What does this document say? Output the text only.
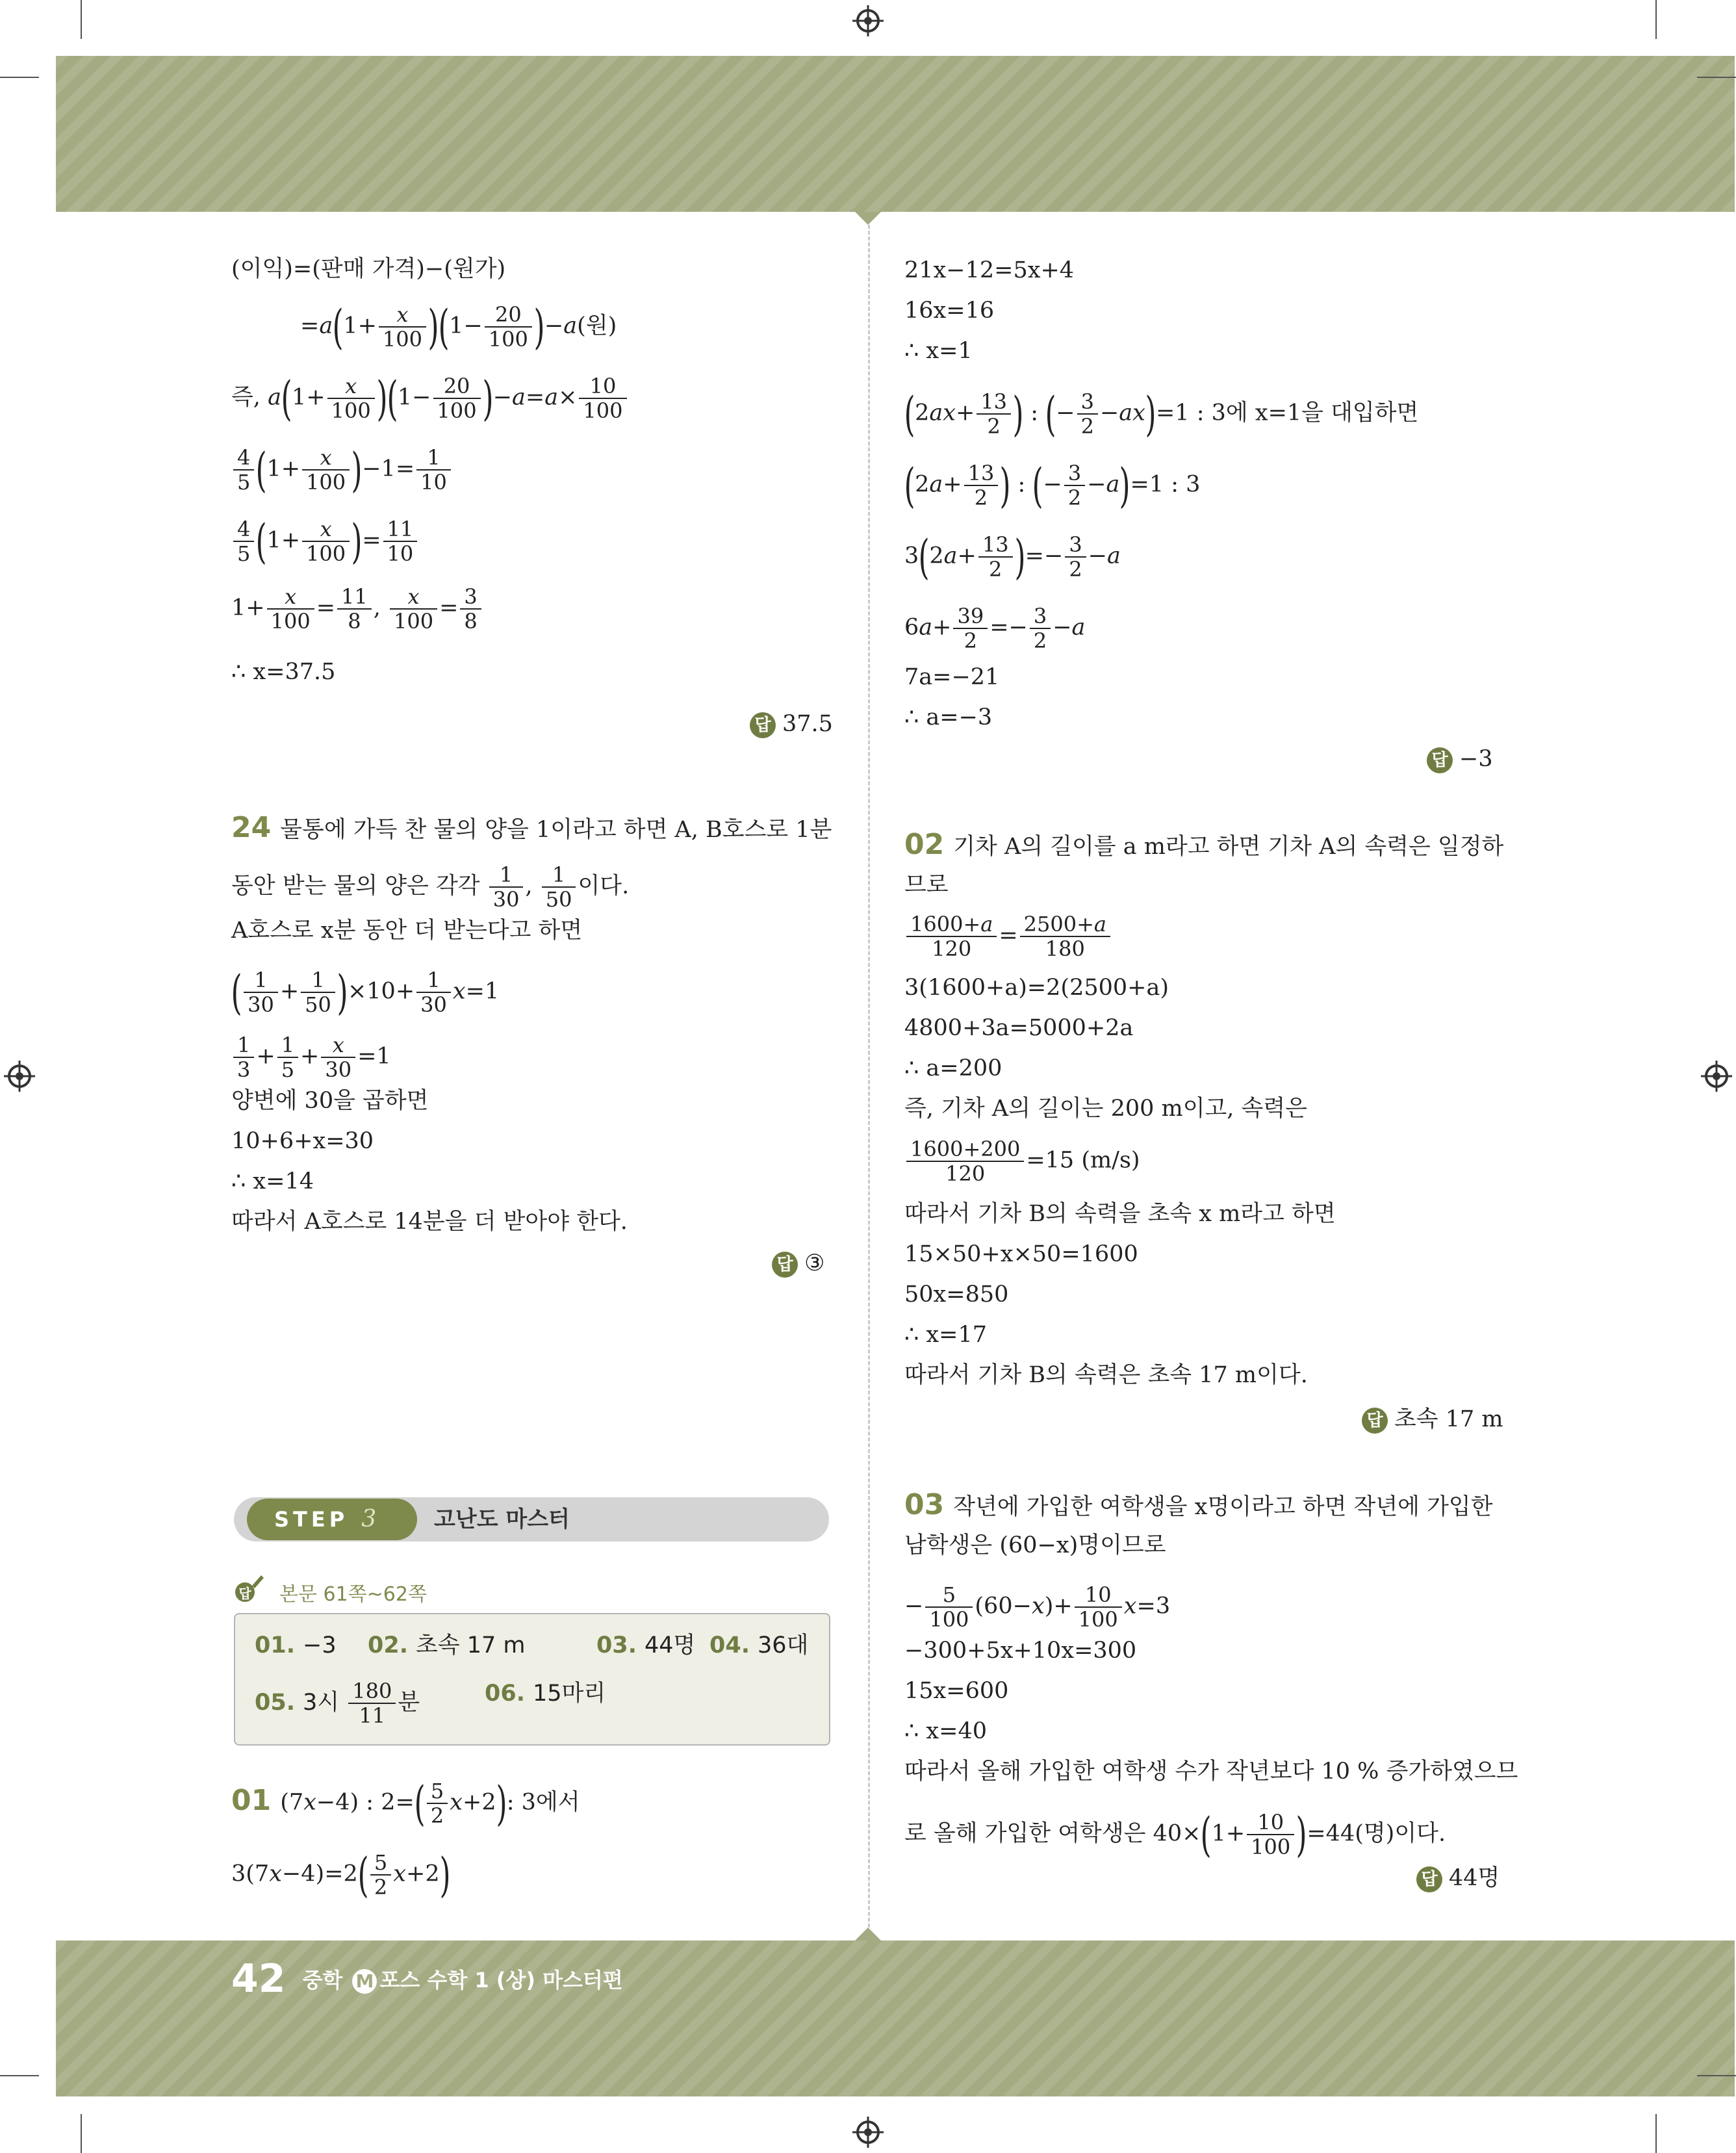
(이익)=(판매 가격)−(원가)
$=a(1+ \frac{x}{100} )(1- \frac{20}{100} )-a$(원)
즉, $a(1+ \frac{x}{100} )(1- \frac{20}{100} )-a=a\times \frac{10}{100}$
$\frac{4}{5} (1+ \frac{x}{100} )-1= \frac{1}{10}$
$\frac{4}{5} (1+ \frac{x}{100}$ )= $\frac{11}{10}$
$1+ \frac{x}{100} = \frac{11}{8}$ , $\frac{x}{100} = \frac{3}{8}$
∴ x=37.5
답 37.5
24 물통에 가득 찬 물의 양을 1이라고 하면 A, B호스로 1분
동안 받는 물의 양은 각각 $\frac{1}{30}$ , $\frac{1}{50}$ 이다.
A호스로 x분 동안 더 받는다고 하면
( $\frac{1}{30} + \frac{1}{50} )\times 10+ \frac{1}{30} x=1$
$\frac{1}{3} + \frac{1}{5} + \frac{x}{30} =1$
양변에 30을 곱하면
10+6+x=30
∴ x=14
따라서 A호스로 14분을 더 받아야 한다.
답 ③
STEP 3	고난도 마스터
답 본문 61쪽~62쪽
01. −3 02. 초속 17 m	03. 44명 04. 36대
05. 3시 $\frac{180}{11}$ 분	06. 15마리
01 (7x−4) : $2=( \frac{5}{2} x+2)$: 3에서
$3(7x-4)=2( \frac{5}{2} x+2)$
21x−12=5x+4
16x=16
∴ x=1
($2ax+ \frac{13}{2}$ ) : (− $\frac{3}{2} -ax)=1$ : 3에 x=1을 대입하면
($2a+ \frac{13}{2}$ ) : (− $\frac{3}{2} -a)=1$ : 3
$3(2a+ \frac{13}{2}$ )=− $\frac{3}{2} -a$
$6a+ \frac{39}{2} =- \frac{3}{2} -a$
7a=−21
∴ a=−3
답 −3
02 기차 A의 길이를 a m라고 하면 기차 A의 속력은 일정하
므로
$\frac{1600+a}{120} = \frac{2500+a}{180}$
3(1600+a)=2(2500+a)
4800+3a=5000+2a
∴ a=200
즉, 기차 A의 길이는 200 m이고, 속력은
$\frac{1600+200}{120} =15$ (m/s)
따라서 기차 B의 속력을 초속 x m라고 하면
15×50+x×50=1600
50x=850
∴ x=17
따라서 기차 B의 속력은 초속 17 m이다.
답 초속 17 m
03 작년에 가입한 여학생을 x명이라고 하면 작년에 가입한
남학생은 (60−x)명이므로
− $\frac{5}{100} (60-x)+ \frac{10}{100} x=3$
−300+5x+10x=300
15x=600
∴ x=40
따라서 올해 가입한 여학생 수가 작년보다 10 % 증가하였으므
로 올해 가입한 여학생은 $40\times(1+ \frac{10}{100} )=44$(명)이다.
답 44명
42 중학 M 포스 수학 1 (상) 마스터편
